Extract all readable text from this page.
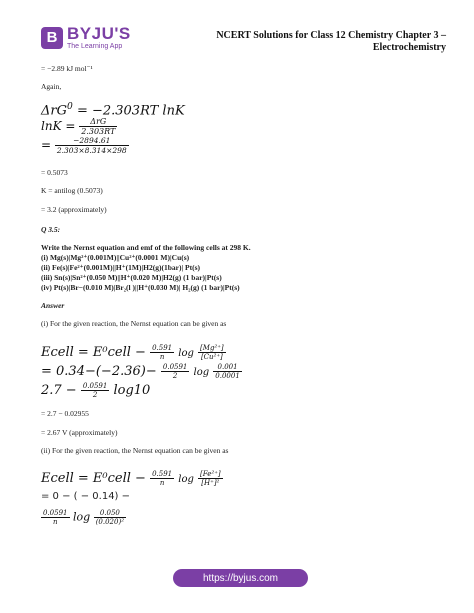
B BYJU'S
The Learning App
NCERT Solutions for Class 12 Chemistry Chapter 3 – Electrochemistry
= −2.89 kJ mol⁻¹
Again,
ΔrG$^0$ = −2.303RT lnK
$\ln K = \frac{\text{ΔrG}}{2.303RT}$
= $\frac{-2894.61}{2.303\times 8.314\times 298}$
= 0.5073
K = antilog (0.5073)
= 3.2 (approximately)
Q 3.5:
Write the Nernst equation and emf of the following cells at 298 K.
(i) Mg(s)|Mg²⁺(0.001M)||Cu²⁺(0.0001 M)|Cu(s)
(ii) Fe(s)|Fe²⁺(0.001M)||H⁺(1M)|H2(g)(1bar)| Pt(s)
(iii) Sn(s)|Sn²⁺(0.050 M)||H⁺(0.020 M)|H2(g) (1 bar)|Pt(s)
(iv) Pt(s)|Br−(0.010 M)|Br₂(l )||H⁺(0.030 M)| H₂(g) (1 bar)|Pt(s)
Answer
(i) For the given reaction, the Nernst equation can be given as
Ecell = E⁰cell − $\frac{0.591}{n}$ $\log \frac{\text{[Mg²⁺]}}{\text{[Cu²⁺]}}$
= $0.34-(-2.36)- \frac{0.0591}{2}$ $\log \frac{0.001}{0.0001}$
$2.7 - \frac{0.0591}{2} \log 10$
= 2.7 − 0.02955
= 2.67 V (approximately)
(ii) For the given reaction, the Nernst equation can be given as
Ecell = E⁰cell − $\frac{0.591}{n}$ $\log \frac{\text{[Fe²⁺]}}{\text{[H⁺]²}}$
= 0 − ( − 0.14) −
$\frac{0.0591}{n}$ $\log \frac{0.050}{\text{(0.020)²}}$
https://byjus.com
